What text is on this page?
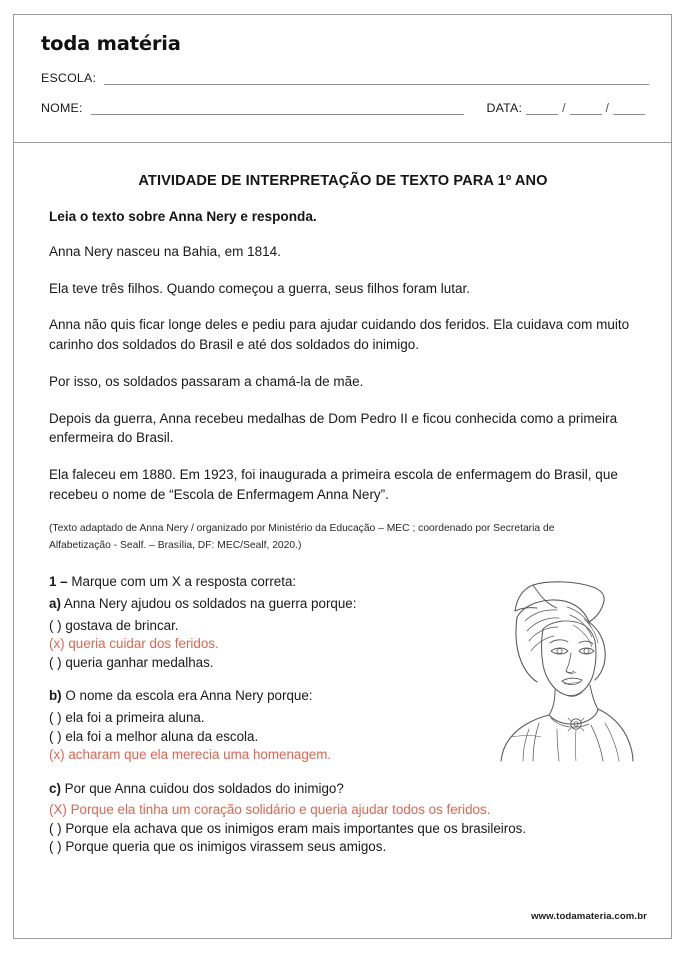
toda matéria
ESCOLA:
NOME:	DATA:	/	/
ATIVIDADE DE INTERPRETAÇÃO DE TEXTO PARA 1º ANO
Leia o texto sobre Anna Nery e responda.

Anna Nery nasceu na Bahia, em 1814.

Ela teve três filhos. Quando começou a guerra, seus filhos foram lutar.

Anna não quis ficar longe deles e pediu para ajudar cuidando dos feridos. Ela cuidava com muito carinho dos soldados do Brasil e até dos soldados do inimigo.

Por isso, os soldados passaram a chamá-la de mãe.

Depois da guerra, Anna recebeu medalhas de Dom Pedro II e ficou conhecida como a primeira enfermeira do Brasil.

Ela faleceu em 1880. Em 1923, foi inaugurada a primeira escola de enfermagem do Brasil, que recebeu o nome de “Escola de Enfermagem Anna Nery”.

(Texto adaptado de Anna Nery / organizado por Ministério da Educação – MEC ; coordenado por Secretaria de Alfabetização - Sealf. – Brasília, DF: MEC/Sealf, 2020.)
1 – Marque com um X a resposta correta:
a) Anna Nery ajudou os soldados na guerra porque:
( ) gostava de brincar.
(x) queria cuidar dos feridos.
( ) queria ganhar medalhas.
b) O nome da escola era Anna Nery porque:
( ) ela foi a primeira aluna.
( ) ela foi a melhor aluna da escola.
(x) acharam que ela merecia uma homenagem.
c) Por que Anna cuidou dos soldados do inimigo?
(X) Porque ela tinha um coração solidário e queria ajudar todos os feridos.
( ) Porque ela achava que os inimigos eram mais importantes que os brasileiros.
( ) Porque queria que os inimigos virassem seus amigos.
www.todamateria.com.br
